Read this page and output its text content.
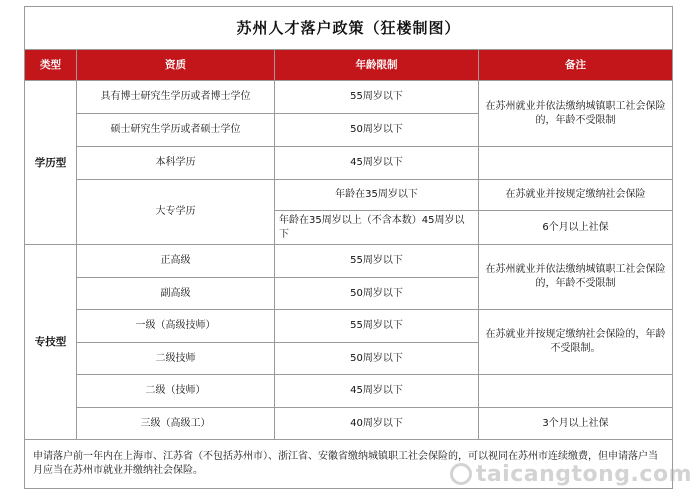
苏州人才落户政策（狂楼制图）			
类型	资质	年龄限制	备注
学历型	具有博士研究生学历或者博士学位	55周岁以下	在苏州就业并依法缴纳城镇职工社会保险的，年龄不受限制
	硕士研究生学历或者硕士学位	50周岁以下	
	本科学历	45周岁以下	
	大专学历	年龄在35周岁以下	在苏就业并按规定缴纳社会保险
		年龄在35周岁以上（不含本数）45周岁以下	6个月以上社保
专技型	正高级	55周岁以下	在苏州就业并依法缴纳城镇职工社会保险的，年龄不受限制
	副高级	50周岁以下	
	一级（高级技师）	55周岁以下	在苏就业并按规定缴纳社会保险的，年龄不受限制。
	二级技师	50周岁以下	
	二级（技师）	45周岁以下	
	三级（高级工）	40周岁以下	3个月以上社保
申请落户前一年内在上海市、江苏省（不包括苏州市）、浙江省、安徽省缴纳城镇职工社会保险的，可以视同在苏州市连续缴费，但申请落户当月应当在苏州市就业并缴纳社会保险。				taicangtong.com
